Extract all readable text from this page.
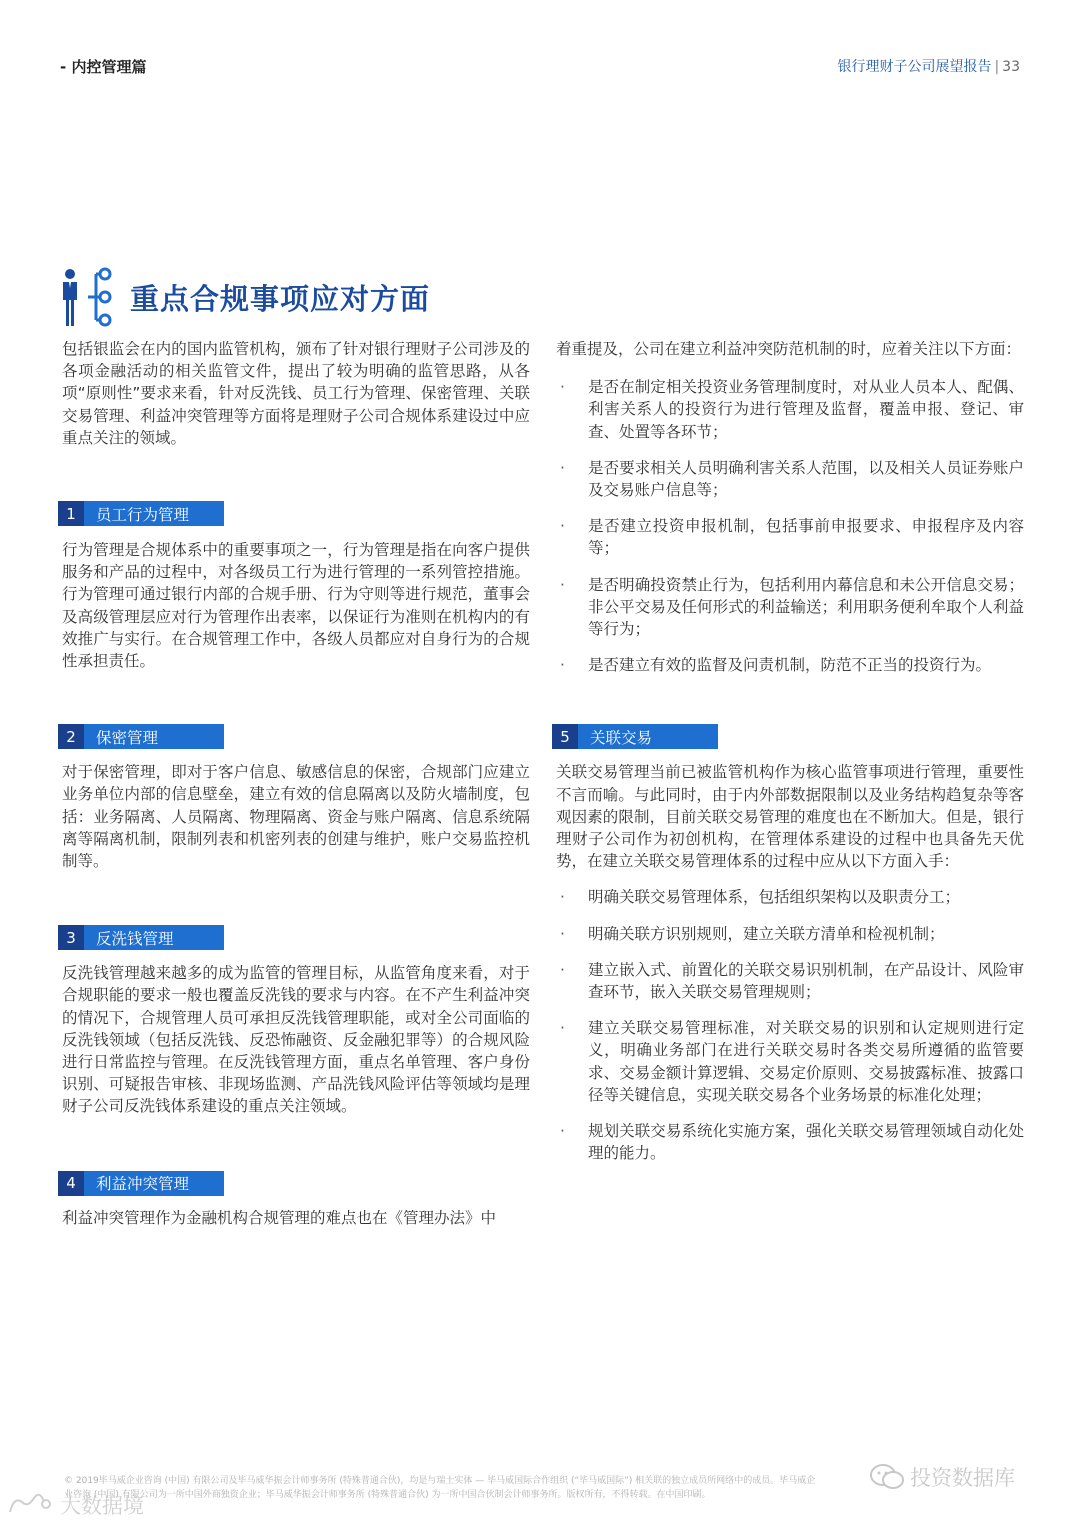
- 内控管理篇	银行理财子公司展望报告 | 33
重点合规事项应对方面

包括银监会在内的国内监管机构，颁布了针对银行理财子公司涉及的各项金融活动的相关监管文件，提出了较为明确的监管思路，从各项“原则性”要求来看，针对反洗钱、员工行为管理、保密管理、关联交易管理、利益冲突管理等方面将是理财子公司合规体系建设过中应重点关注的领域。

1	员工行为管理

行为管理是合规体系中的重要事项之一，行为管理是指在向客户提供服务和产品的过程中，对各级员工行为进行管理的一系列管控措施。行为管理可通过银行内部的合规手册、行为守则等进行规范，董事会及高级管理层应对行为管理作出表率，以保证行为准则在机构内的有效推广与实行。在合规管理工作中，各级人员都应对自身行为的合规性承担责任。

2	保密管理

对于保密管理，即对于客户信息、敏感信息的保密，合规部门应建立业务单位内部的信息壁垒，建立有效的信息隔离以及防火墙制度，包括：业务隔离、人员隔离、物理隔离、资金与账户隔离、信息系统隔离等隔离机制，限制列表和机密列表的创建与维护，账户交易监控机制等。

3	反洗钱管理

反洗钱管理越来越多的成为监管的管理目标，从监管角度来看，对于合规职能的要求一般也覆盖反洗钱的要求与内容。在不产生利益冲突的情况下，合规管理人员可承担反洗钱管理职能，或对全公司面临的反洗钱领域（包括反洗钱、反恐怖融资、反金融犯罪等）的合规风险进行日常监控与管理。在反洗钱管理方面，重点名单管理、客户身份识别、可疑报告审核、非现场监测、产品洗钱风险评估等领域均是理财子公司反洗钱体系建设的重点关注领域。

4	利益冲突管理

利益冲突管理作为金融机构合规管理的难点也在《管理办法》中

着重提及，公司在建立利益冲突防范机制的时，应着关注以下方面：

· 是否在制定相关投资业务管理制度时，对从业人员本人、配偶、利害关系人的投资行为进行管理及监督，覆盖申报、登记、审查、处置等各环节；
· 是否要求相关人员明确利害关系人范围，以及相关人员证券账户及交易账户信息等；
· 是否建立投资申报机制，包括事前申报要求、申报程序及内容等；
· 是否明确投资禁止行为，包括利用内幕信息和未公开信息交易；非公平交易及任何形式的利益输送；利用职务便利牟取个人利益等行为；
· 是否建立有效的监督及问责机制，防范不正当的投资行为。
5	关联交易

关联交易管理当前已被监管机构作为核心监管事项进行管理，重要性不言而喻。与此同时，由于内外部数据限制以及业务结构趋复杂等客观因素的限制，目前关联交易管理的难度也在不断加大。但是，银行理财子公司作为初创机构，在管理体系建设的过程中也具备先天优势，在建立关联交易管理体系的过程中应从以下方面入手：

· 明确关联交易管理体系，包括组织架构以及职责分工；
· 明确关联方识别规则，建立关联方清单和检视机制；
· 建立嵌入式、前置化的关联交易识别机制，在产品设计、风险审查环节，嵌入关联交易管理规则；
· 建立关联交易管理标准，对关联交易的识别和认定规则进行定义，明确业务部门在进行关联交易时各类交易所遵循的监管要求、交易金额计算逻辑、交易定价原则、交易披露标准、披露口径等关键信息，实现关联交易各个业务场景的标准化处理；
· 规划关联交易系统化实施方案，强化关联交易管理领域自动化处理的能力。
© 2019毕马威企业咨询 (中国) 有限公司及毕马威华振会计师事务所 (特殊普通合伙)，均是与瑞士实体 — 毕马威国际合作组织 (“毕马威国际”) 相关联的独立成员所网络中的成员。毕马威企
业咨询 (中国) 有限公司为一所中国外商独资企业；毕马威华振会计师事务所 (特殊普通合伙) 为一所中国合伙制会计师事务所。版权所有，不得转载。在中国印刷。
投资数据库
大数据境
